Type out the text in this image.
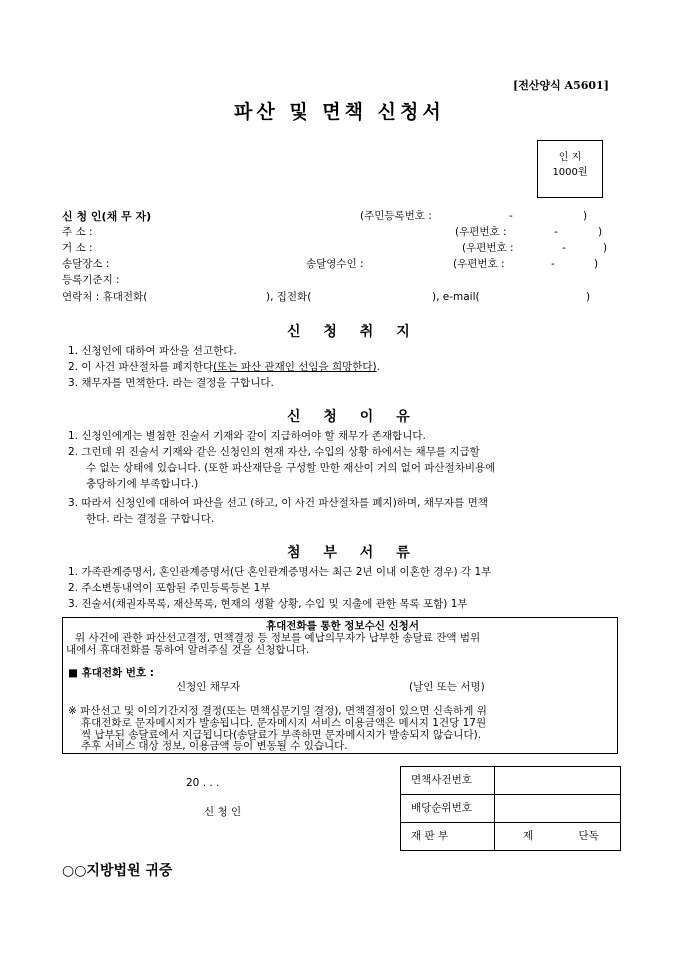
[전산양식 A5601]
파산 및 면책 신청서
인 지
1000원
신 청 인(채 무 자)	(주민등록번호 :	-	)
주 소 :	(우편번호 :	-	)
거 소 :	(우편번호 :	-	)
송달장소 :	송달영수인 :	(우편번호 :	-	)
등록기준지 :
연락처 : 휴대전화(	), 집전화(	), e-mail(	)
신 청 취 지
1. 신청인에 대하여 파산을 선고한다.
2. 이 사건 파산절차를 폐지한다(또는 파산 관재인 선임을 희망한다).
3. 채무자를 면책한다. 라는 결정을 구합니다.
신 청 이 유
1. 신청인에게는 별첨한 진술서 기재와 같이 지급하여야 할 채무가 존재합니다.
2. 그런데 위 진술서 기재와 같은 신청인의 현재 자산, 수입의 상황 하에서는 채무를 지급할
수 없는 상태에 있습니다. (또한 파산재단을 구성할 만한 재산이 거의 없어 파산절차비용에
충당하기에 부족합니다.)
3. 따라서 신청인에 대하여 파산을 선고 (하고, 이 사건 파산절차를 폐지)하며, 채무자를 면책
한다. 라는 결정을 구합니다.
첨 부 서 류
1. 가족관계증명서, 혼인관계증명서(단 혼인관계증명서는 최근 2년 이내 이혼한 경우) 각 1부
2. 주소변동내역이 포함된 주민등록등본 1부
3. 진술서(채권자목록, 재산목록, 현재의 생활 상황, 수입 및 지출에 관한 목록 포함) 1부
휴대전화를 통한 정보수신 신청서
위 사건에 관한 파산선고결정, 면책결정 등 정보를 예납의무자가 납부한 송달료 잔액 범위
내에서 휴대전화를 통하여 알려주실 것을 신청합니다.
■ 휴대전화 번호 :
신청인 채무자	(날인 또는 서명)
※ 파산선고 및 이의기간지정 결정(또는 면책심문기일 결정), 면책결정이 있으면 신속하게 위
휴대전화로 문자메시지가 발송됩니다. 문자메시지 서비스 이용금액은 메시지 1건당 17원
씩 납부된 송달료에서 지급됩니다(송달료가 부족하면 문자메시지가 발송되지 않습니다).
추후 서비스 대상 정보, 이용금액 등이 변동될 수 있습니다.
20 . . .
신 청 인
○○지방법원 귀중
면책사건번호	
배당순위번호	
재 판 부	제 단독
